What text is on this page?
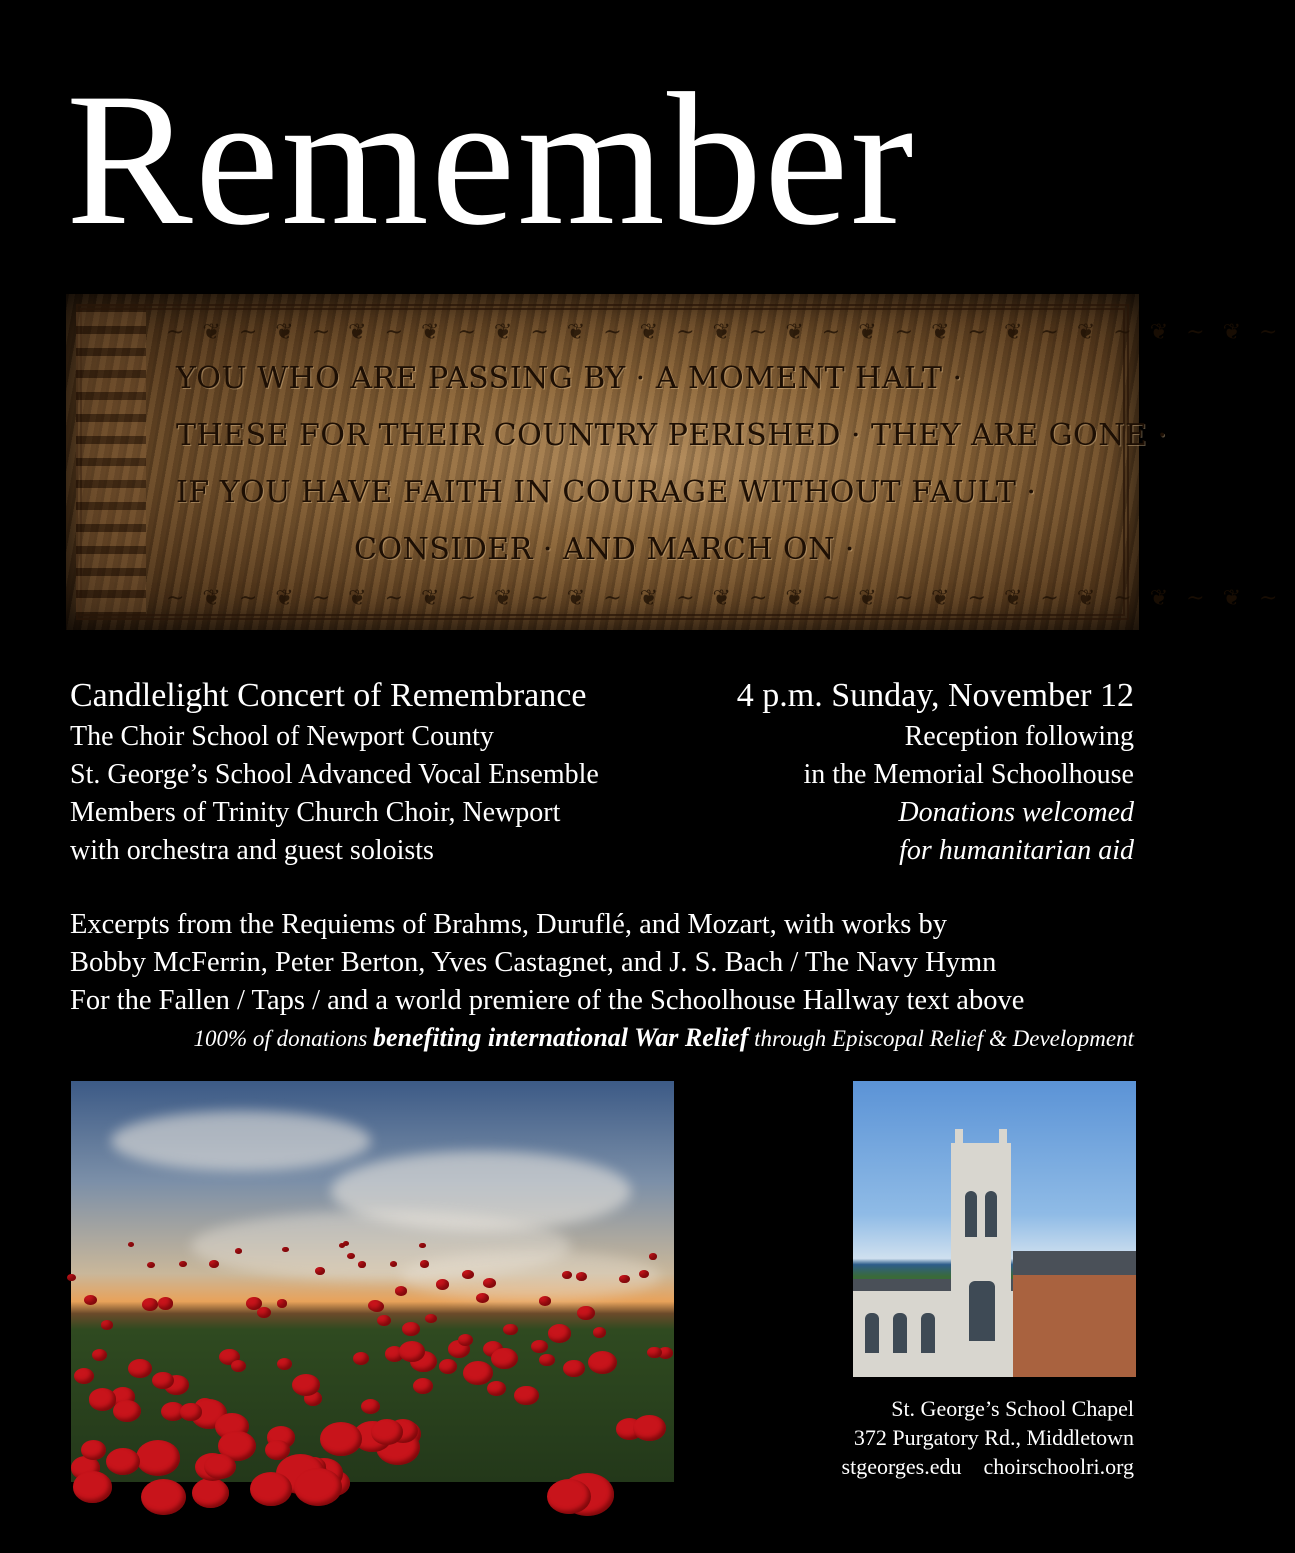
Remember
~❦~❦~❦~❦~❦~❦~❦~❦~❦~❦~❦~❦~❦~❦~❦~
~❦~❦~❦~❦~❦~❦~❦~❦~❦~❦~❦~❦~❦~❦~❦~
YOU WHO ARE PASSING BY · A MOMENT HALT ·
THESE FOR THEIR COUNTRY PERISHED · THEY ARE GONE ·
IF YOU HAVE FAITH IN COURAGE WITHOUT FAULT ·
CONSIDER · AND MARCH ON ·
Candlelight Concert of Remembrance
The Choir School of Newport County
St. George’s School Advanced Vocal Ensemble
Members of Trinity Church Choir, Newport
with orchestra and guest soloists
4 p.m. Sunday, November 12
Reception following
in the Memorial Schoolhouse
Donations welcomed
for humanitarian aid
Excerpts from the Requiems of Brahms, Duruflé, and Mozart, with works by
Bobby McFerrin, Peter Berton, Yves Castagnet, and J. S. Bach / The Navy Hymn
For the Fallen / Taps / and a world premiere of the Schoolhouse Hallway text above
100% of donations benefiting international War Relief through Episcopal Relief & Development
St. George’s School Chapel
372 Purgatory Rd., Middletown
stgeorges.edu choirschoolri.org
